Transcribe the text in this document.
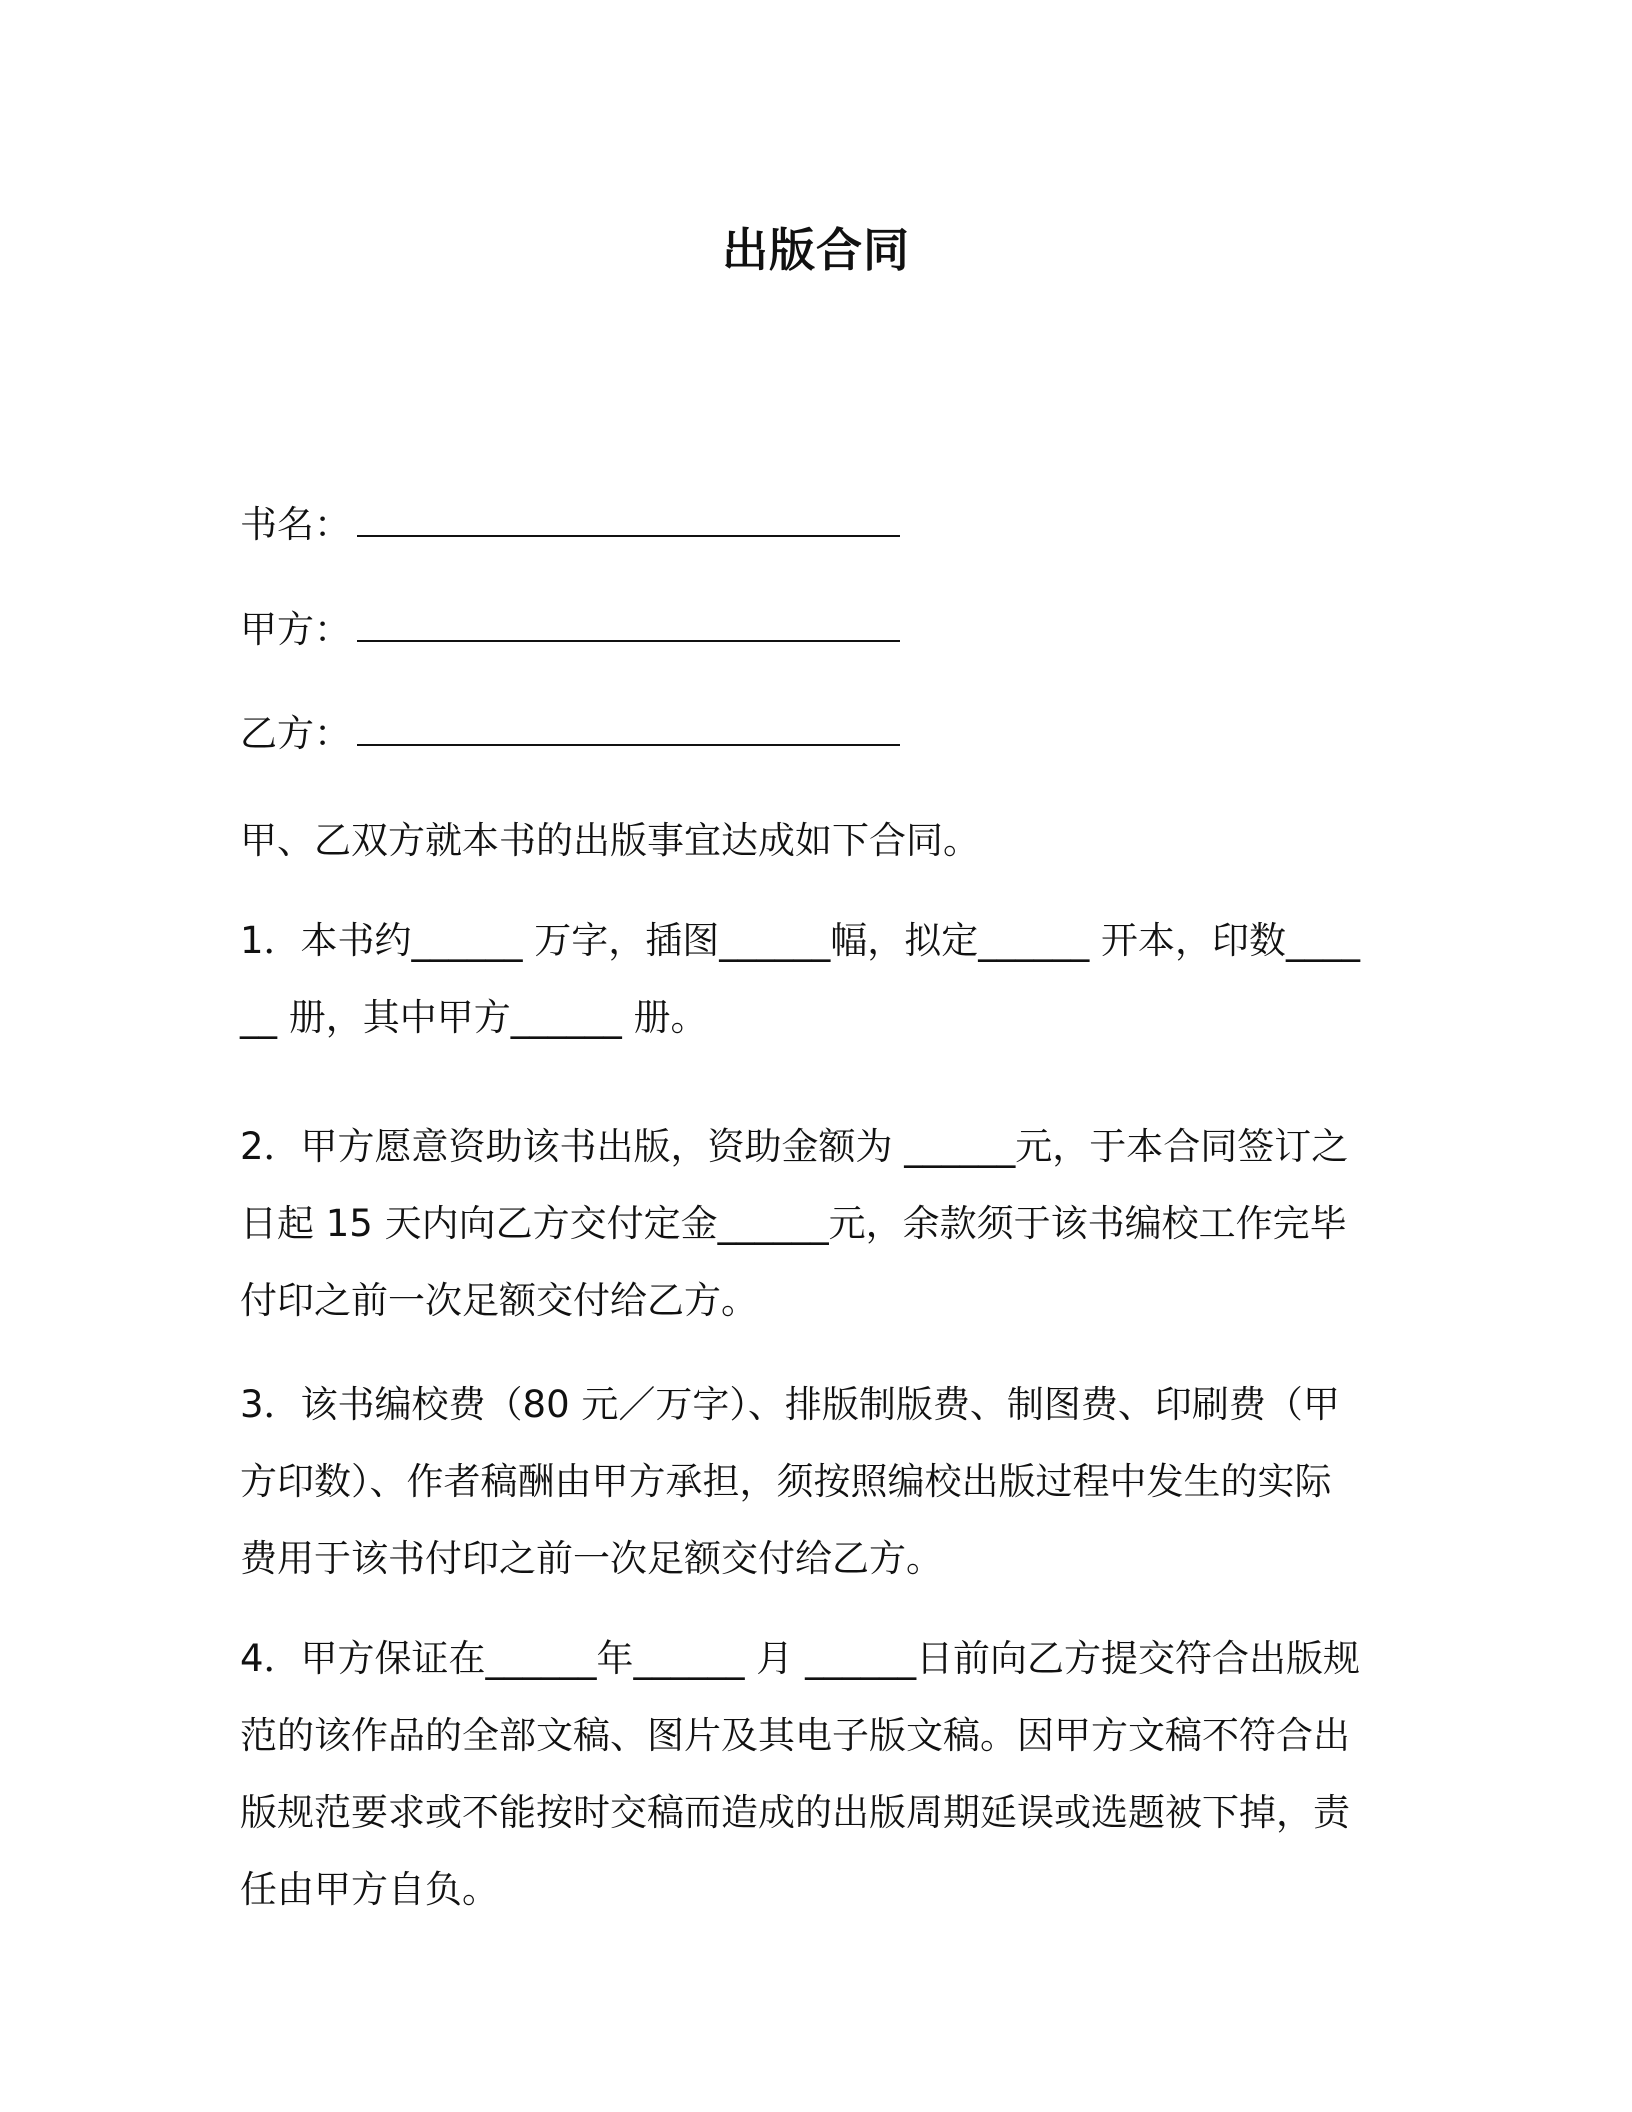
出版合同
书名：
甲方：
乙方：

甲、乙双方就本书的出版事宜达成如下合同。

1．本书约______ 万字，插图______幅，拟定______ 开本，印数______ 册，其中甲方______ 册。

2．甲方愿意资助该书出版，资助金额为 ______元，于本合同签订之日起 15 天内向乙方交付定金______元，余款须于该书编校工作完毕付印之前一次足额交付给乙方。

3．该书编校费（80 元／万字）、排版制版费、制图费、印刷费（甲方印数）、作者稿酬由甲方承担，须按照编校出版过程中发生的实际费用于该书付印之前一次足额交付给乙方。

4．甲方保证在______年______ 月 ______日前向乙方提交符合出版规范的该作品的全部文稿、图片及其电子版文稿。因甲方文稿不符合出版规范要求或不能按时交稿而造成的出版周期延误或选题被下掉，责任由甲方自负。
